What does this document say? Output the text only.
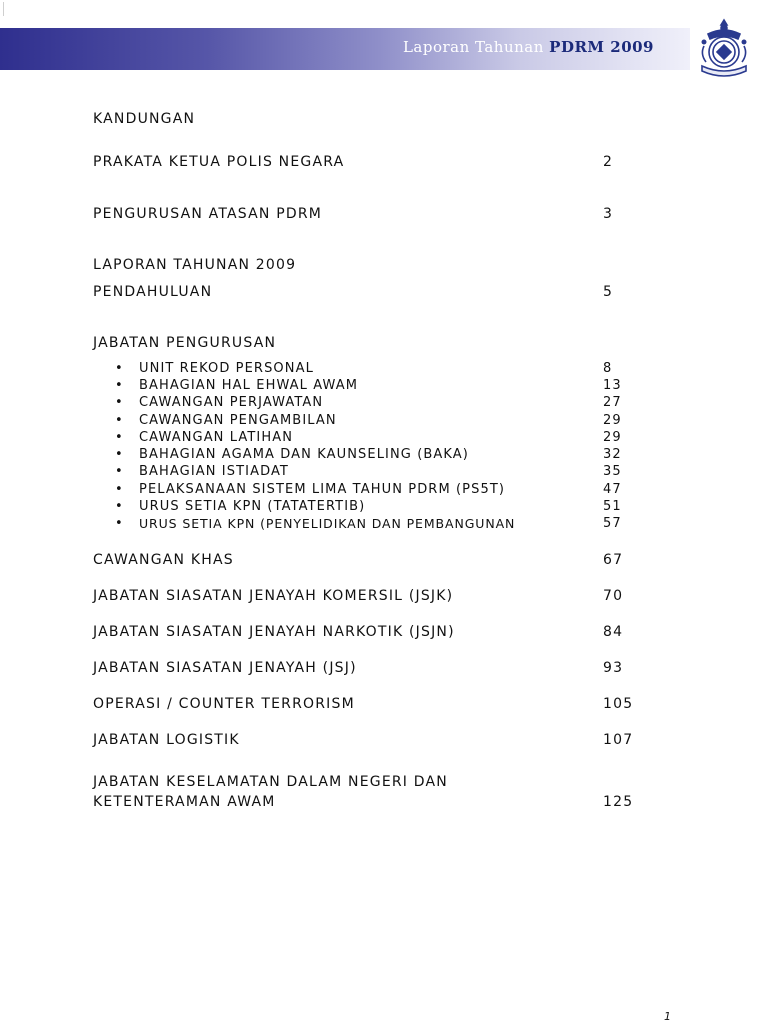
Laporan Tahunan PDRM 2009
KANDUNGAN
PRAKATA KETUA POLIS NEGARA	2
PENGURUSAN ATASAN PDRM	3
LAPORAN TAHUNAN 2009
PENDAHULUAN	5
JABATAN PENGURUSAN
• UNIT REKOD PERSONAL	8
• BAHAGIAN HAL EHWAL AWAM	13
• CAWANGAN PERJAWATAN	27
• CAWANGAN PENGAMBILAN	29
• CAWANGAN LATIHAN	29
• BAHAGIAN AGAMA DAN KAUNSELING (BAKA)	32
• BAHAGIAN ISTIADAT	35
• PELAKSANAAN SISTEM LIMA TAHUN PDRM (PS5T)	47
• URUS SETIA KPN (TATATERTIB)	51
• URUS SETIA KPN (PENYELIDIKAN DAN PEMBANGUNAN	57
CAWANGAN KHAS	67
JABATAN SIASATAN JENAYAH KOMERSIL (JSJK)	70
JABATAN SIASATAN JENAYAH NARKOTIK (JSJN)	84
JABATAN SIASATAN JENAYAH (JSJ)	93
OPERASI / COUNTER TERRORISM	105
JABATAN LOGISTIK	107
JABATAN KESELAMATAN DALAM NEGERI DAN
KETENTERAMAN AWAM	125
1
